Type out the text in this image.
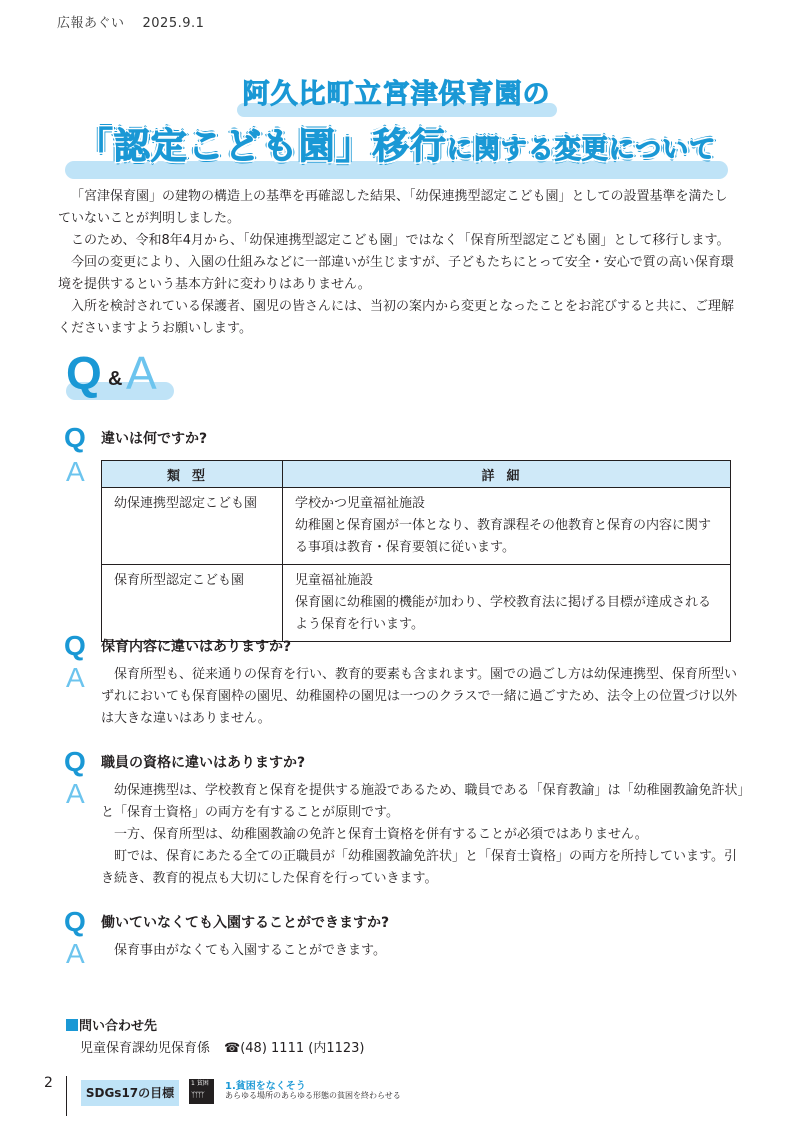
広報あぐい 2025.9.1
阿久比町立宮津保育園の
「認定こども園」移行に関する変更について

「宮津保育園」の建物の構造上の基準を再確認した結果、「幼保連携型認定こども園」としての設置基準を満たしていないことが判明しました。

このため、令和8年4月から、「幼保連携型認定こども園」ではなく「保育所型認定こども園」として移行します。

今回の変更により、入園の仕組みなどに一部違いが生じますが、子どもたちにとって安全・安心で質の高い保育環境を提供するという基本方針に変わりはありません。

入所を検討されている保護者、園児の皆さんには、当初の案内から変更となったことをお詫びすると共に、ご理解くださいますようお願いします。

Q & A
Q 違いは何ですか?
A	類型	詳細
幼保連携型認定こども園	学校かつ児童福祉施設
幼稚園と保育園が一体となり、教育課程その他教育と保育の内容に関する事項は教育・保育要領に従います。

保育所型認定こども園	児童福祉施設
保育園に幼稚園的機能が加わり、学校教育法に掲げる目標が達成されるよう保育を行います。
Q 保育内容に違いはありますか?
A	保育所型も、従来通りの保育を行い、教育的要素も含まれます。園での過ごし方は幼保連携型、保育所型いずれにおいても保育園枠の園児、幼稚園枠の園児は一つのクラスで一緒に過ごすため、法令上の位置づけ以外は大きな違いはありません。

Q 職員の資格に違いはありますか?
A	幼保連携型は、学校教育と保育を提供する施設であるため、職員である「保育教諭」は「幼稚園教諭免許状」と「保育士資格」の両方を有することが原則です。

一方、保育所型は、幼稚園教諭の免許と保育士資格を併有することが必須ではありません。

町では、保育にあたる全ての正職員が「幼稚園教諭免許状」と「保育士資格」の両方を所持しています。引き続き、教育的視点も大切にした保育を行っていきます。

Q 働いていなくても入園することができますか?
A	保育事由がなくても入園することができます。

問い合わせ先
児童保育課幼児保育係 ☎(48) 1111 (内1123)
2
SDGs17の目標
1 貧困
ᛉᛉᛉᛉ
1.貧困をなくそう
あらゆる場所のあらゆる形態の貧困を終わらせる
